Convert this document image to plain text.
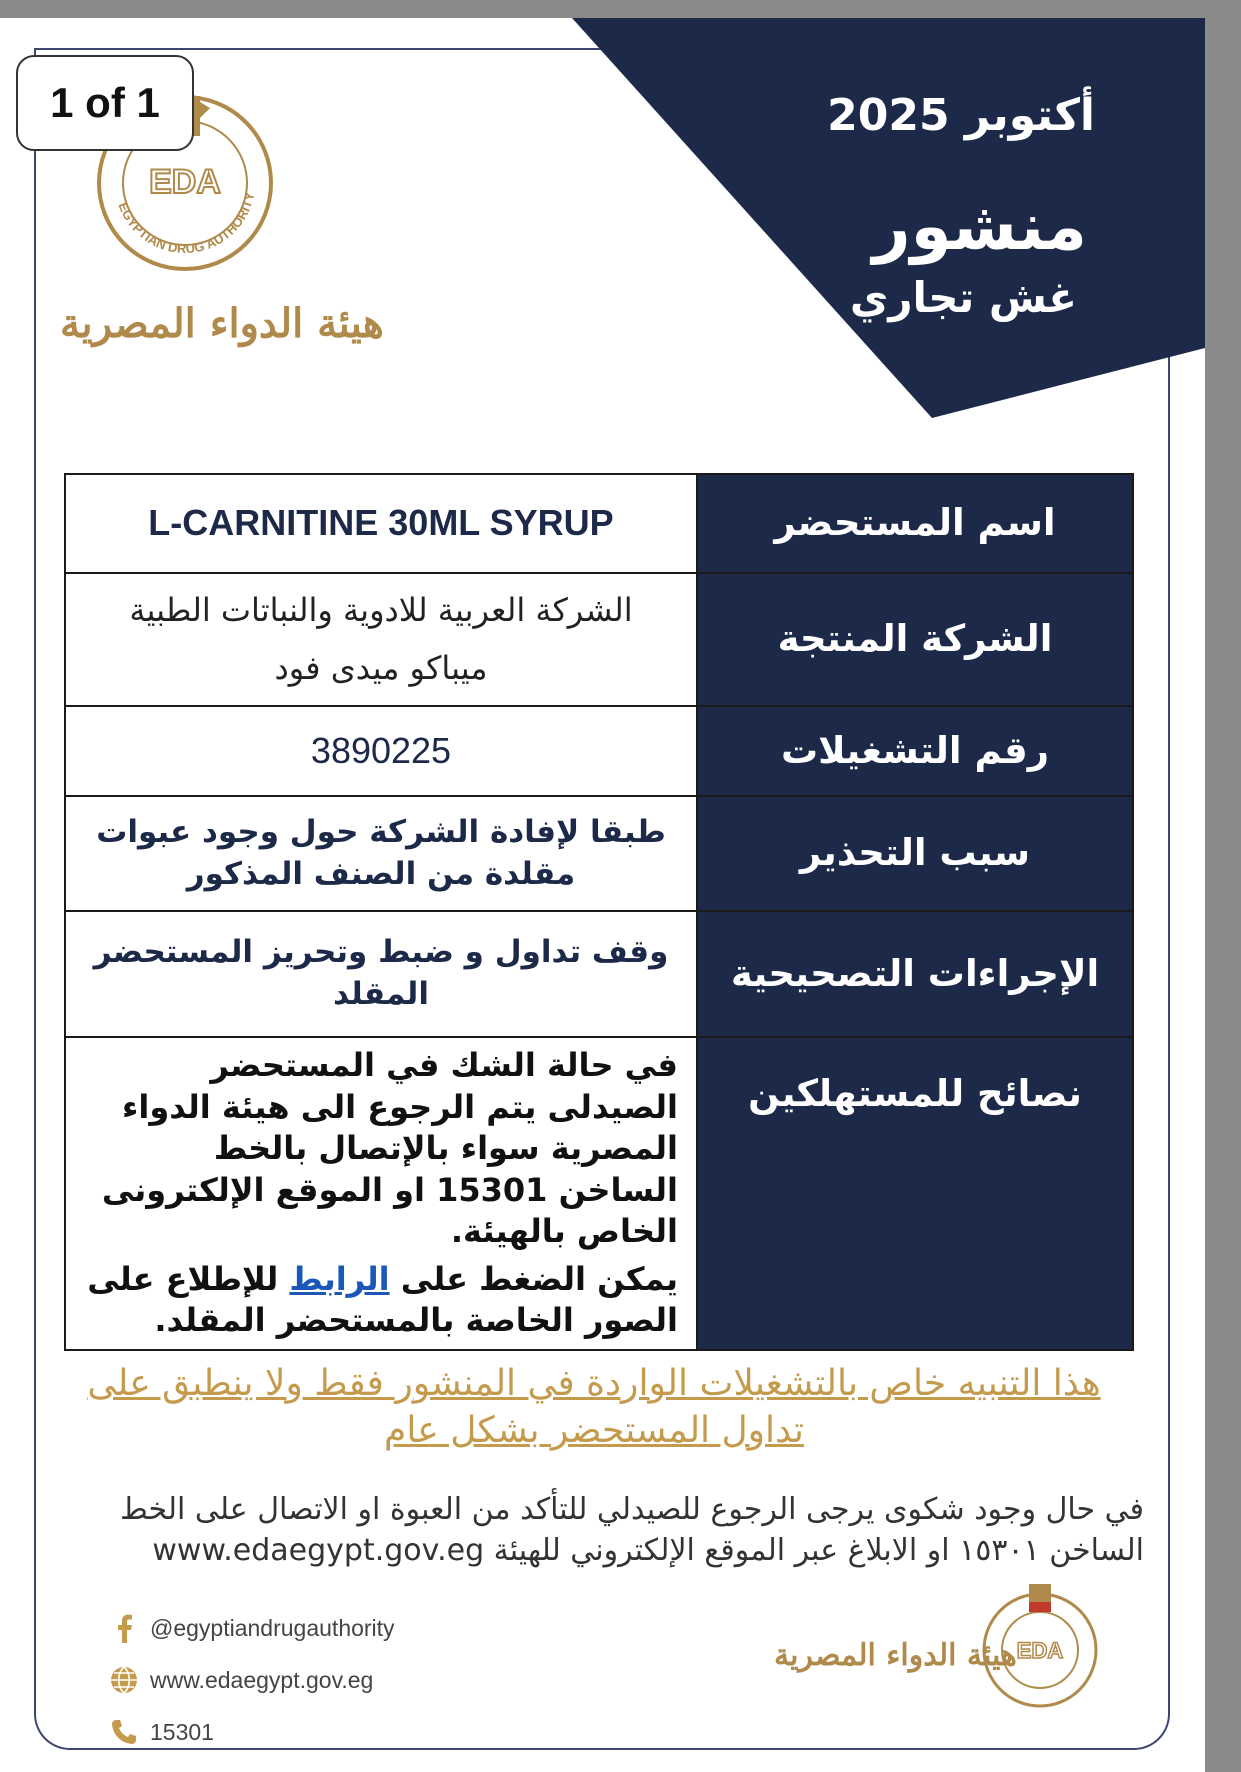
أكتوبر 2025
منشور
غش تجاري
EDA
EGYPTIAN DRUG AUTHORITY
هيئة الدواء المصرية
1 of 1
L-CARNITINE 30ML SYRUP	اسم المستحضر

الشركة العربية للادوية والنباتات الطبية
ميباكو ميدى فود	الشركة المنتجة
3890225	رقم التشغيلات
طبقا لإفادة الشركة حول وجود عبوات مقلدة من الصنف المذكور	سبب التحذير
وقف تداول و ضبط وتحريز المستحضر المقلد	الإجراءات التصحيحية

في حالة الشك في المستحضر الصيدلى يتم الرجوع الى هيئة الدواء المصرية سواء بالإتصال بالخط الساخن 15301 او الموقع الإلكترونى الخاص بالهيئة.
يمكن الضغط على الرابط للإطلاع على الصور الخاصة بالمستحضر المقلد.	نصائح للمستهلكين
هذا التنبيه خاص بالتشغيلات الواردة في المنشور فقط ولا ينطبق على تداول المستحضر بشكل عام
في حال وجود شكوى يرجى الرجوع للصيدلي للتأكد من العبوة او الاتصال على الخط
الساخن ١٥٣٠١ او الابلاغ عبر الموقع الإلكتروني للهيئة www.edaegypt.gov.eg
@egyptiandrugauthority
www.edaegypt.gov.eg
15301
هيئة الدواء المصرية EDA
